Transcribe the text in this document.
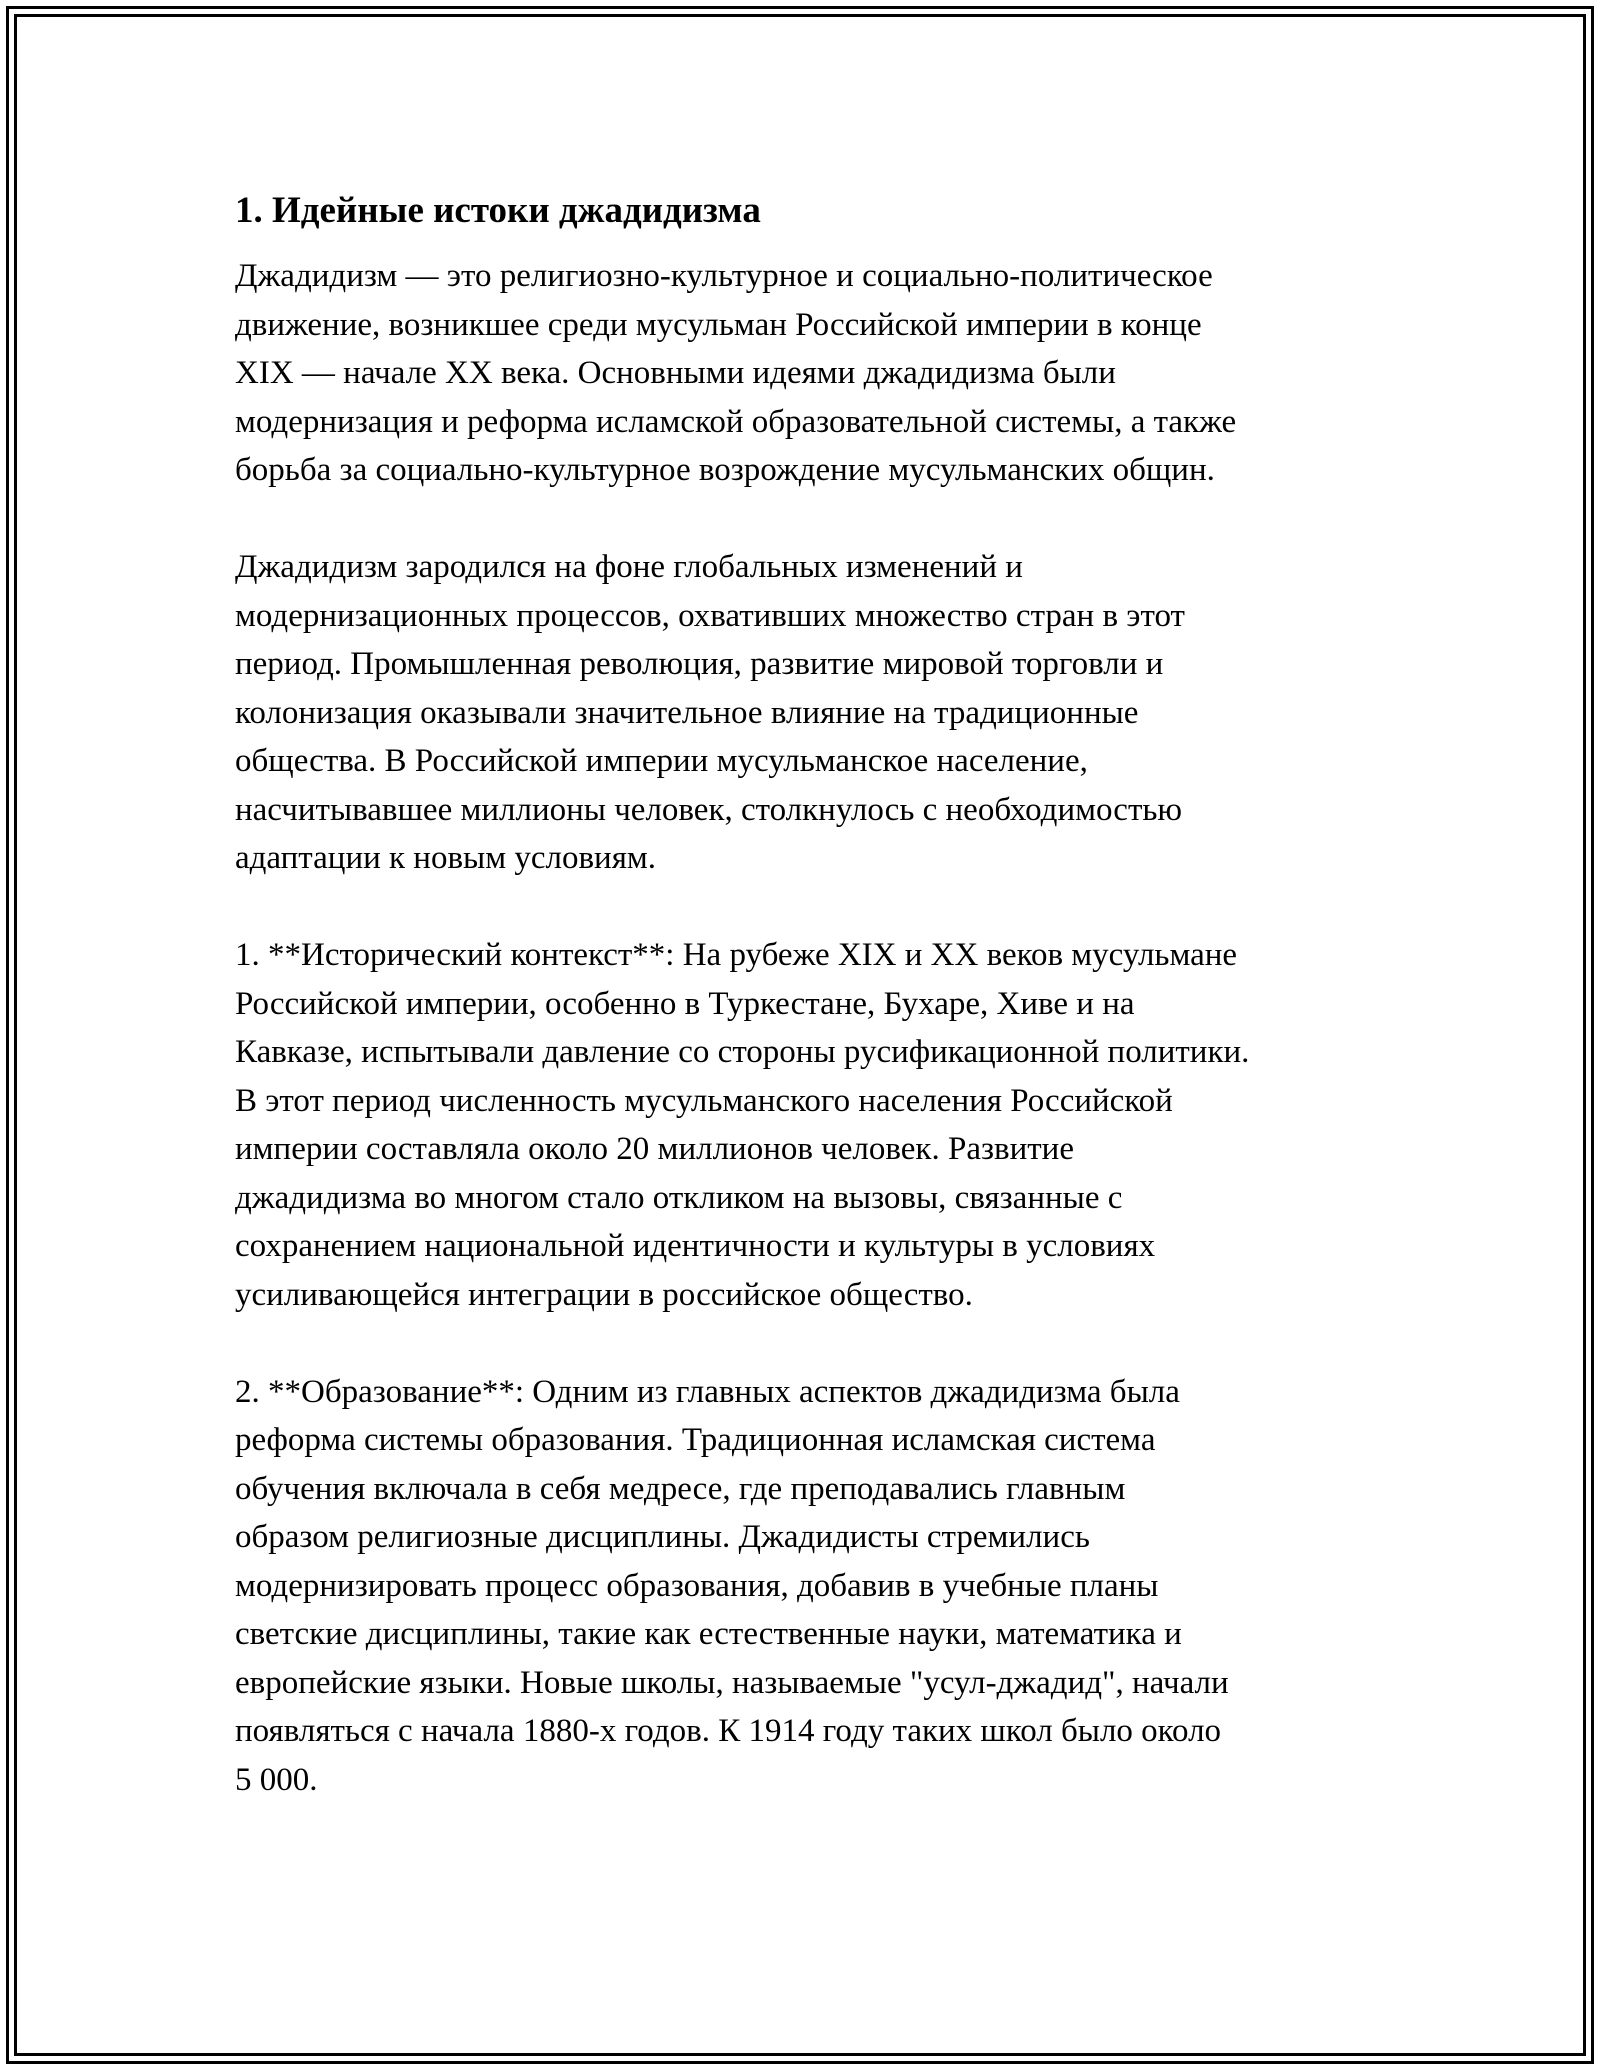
1. Идейные истоки джадидизма

Джадидизм — это религиозно-культурное и социально-политическое
движение, возникшее среди мусульман Российской империи в конце
XIX — начале XX века. Основными идеями джадидизма были
модернизация и реформа исламской образовательной системы, а также
борьба за социально-культурное возрождение мусульманских общин.

Джадидизм зародился на фоне глобальных изменений и
модернизационных процессов, охвативших множество стран в этот
период. Промышленная революция, развитие мировой торговли и
колонизация оказывали значительное влияние на традиционные
общества. В Российской империи мусульманское население,
насчитывавшее миллионы человек, столкнулось с необходимостью
адаптации к новым условиям.

1. **Исторический контекст**: На рубеже XIX и XX веков мусульмане
Российской империи, особенно в Туркестане, Бухаре, Хиве и на
Кавказе, испытывали давление со стороны русификационной политики.
В этот период численность мусульманского населения Российской
империи составляла около 20 миллионов человек. Развитие
джадидизма во многом стало откликом на вызовы, связанные с
сохранением национальной идентичности и культуры в условиях
усиливающейся интеграции в российское общество.

2. **Образование**: Одним из главных аспектов джадидизма была
реформа системы образования. Традиционная исламская система
обучения включала в себя медресе, где преподавались главным
образом религиозные дисциплины. Джадидисты стремились
модернизировать процесс образования, добавив в учебные планы
светские дисциплины, такие как естественные науки, математика и
европейские языки. Новые школы, называемые "усул-джадид", начали
появляться с начала 1880-х годов. К 1914 году таких школ было около
5 000.
